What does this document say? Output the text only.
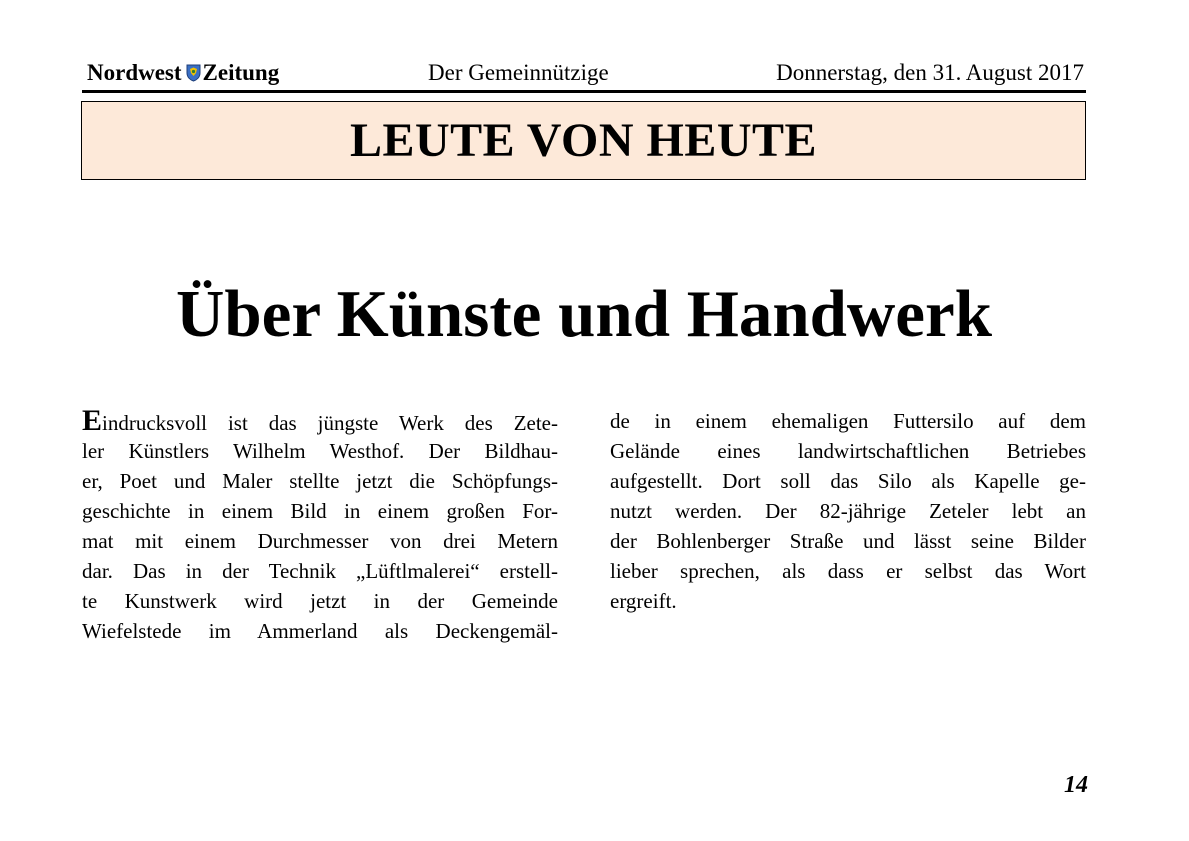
Nordwest Zeitung	Der Gemeinnützige	Donnerstag, den 31. August 2017
LEUTE VON HEUTE
Über Künste und Handwerk
Eindrucksvoll ist das jüngste Werk des Zete-
ler Künstlers Wilhelm Westhof. Der Bildhau-
er, Poet und Maler stellte jetzt die Schöpfungs-
geschichte in einem Bild in einem großen For-
mat mit einem Durchmesser von drei Metern
dar. Das in der Technik „Lüftlmalerei“ erstell-
te Kunstwerk wird jetzt in der Gemeinde
Wiefelstede im Ammerland als Deckengemäl-
de in einem ehemaligen Futtersilo auf dem
Gelände eines landwirtschaftlichen Betriebes
aufgestellt. Dort soll das Silo als Kapelle ge-
nutzt werden. Der 82-jährige Zeteler lebt an
der Bohlenberger Straße und lässt seine Bilder
lieber sprechen, als dass er selbst das Wort
ergreift.
14
